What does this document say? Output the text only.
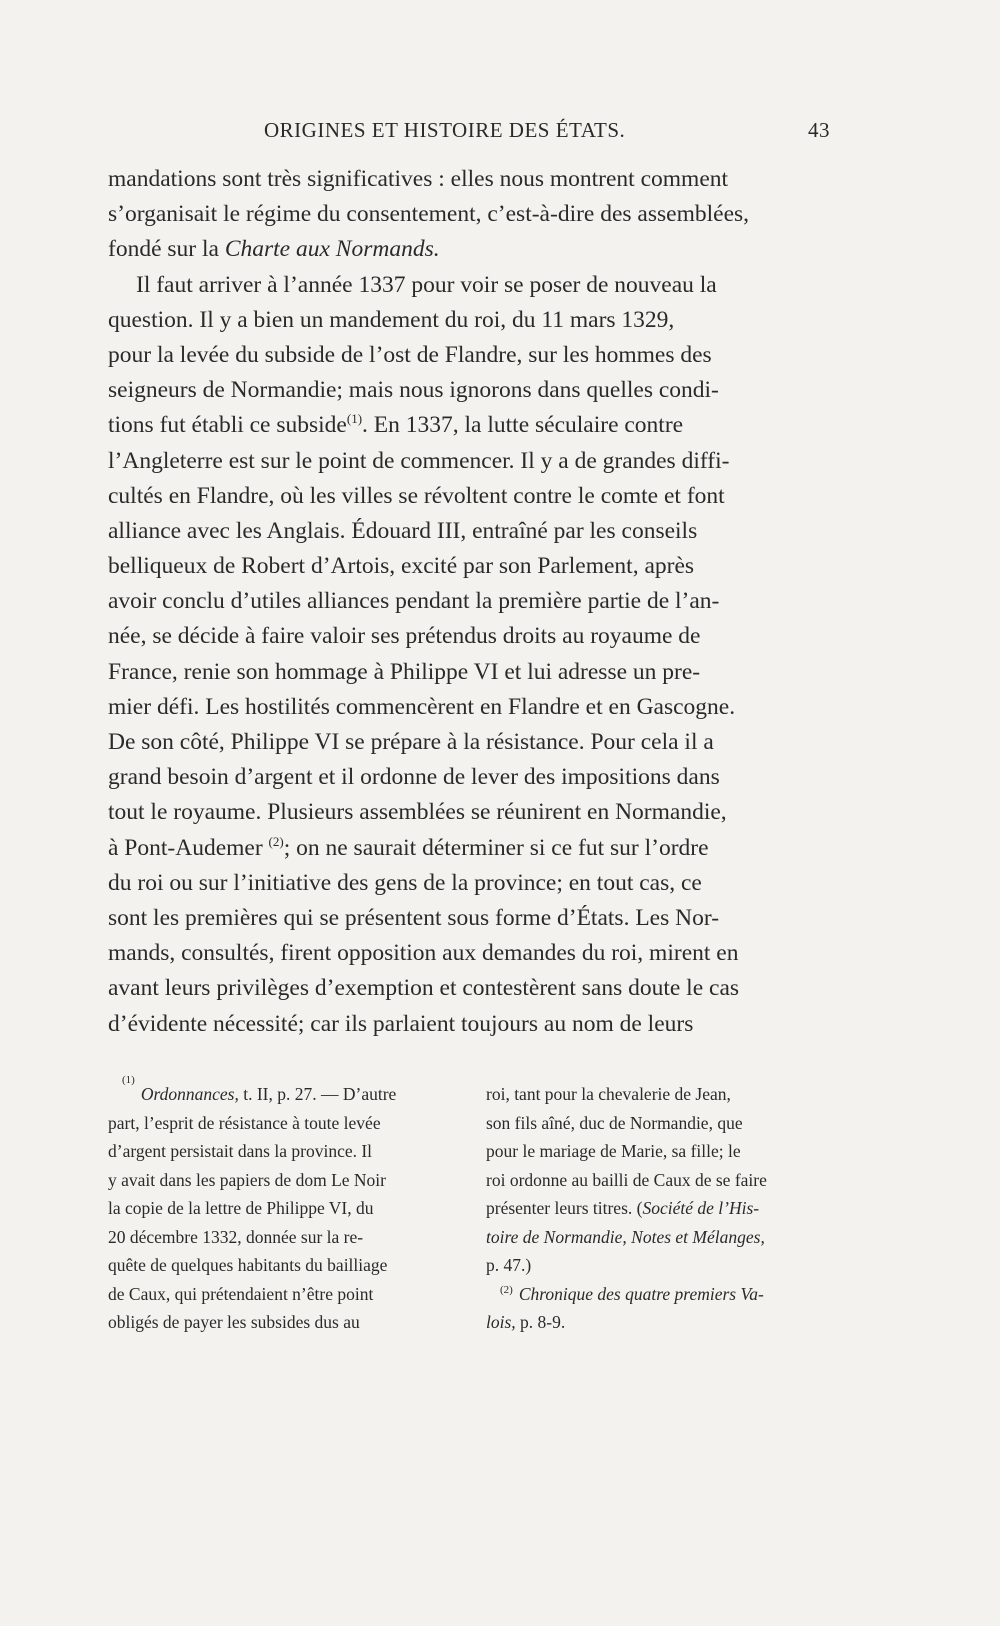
ORIGINES ET HISTOIRE DES ÉTATS.	43
mandations sont très significatives : elles nous montrent comment
s’organisait le régime du consentement, c’est-à-dire des assemblées,
fondé sur la
Charte aux Normands.
Il faut arriver à l’année 1337 pour voir se poser de nouveau la
question. Il y a bien un mandement du roi, du 11 mars 1329,
pour la levée du subside de l’ost de Flandre, sur les hommes des
seigneurs de Normandie; mais nous ignorons dans quelles condi-
tions fut établi ce subside$^{(1)}$. En 1337, la lutte séculaire contre
l’Angleterre est sur le point de commencer. Il y a de grandes diffi-
cultés en Flandre, où les villes se révoltent contre le comte et font
alliance avec les Anglais. Édouard III, entraîné par les conseils
belliqueux de Robert d’Artois, excité par son Parlement, après
avoir conclu d’utiles alliances pendant la première partie de l’an-
née, se décide à faire valoir ses prétendus droits au royaume de
France, renie son hommage à Philippe VI et lui adresse un pre-
mier défi. Les hostilités commencèrent en Flandre et en Gascogne.
De son côté, Philippe VI se prépare à la résistance. Pour cela il a
grand besoin d’argent et il ordonne de lever des impositions dans
tout le royaume. Plusieurs assemblées se réunirent en Normandie,
à Pont-Audemer $^{(2)}$; on ne saurait déterminer si ce fut sur l’ordre
du roi ou sur l’initiative des gens de la province; en tout cas, ce
sont les premières qui se présentent sous forme d’États. Les Nor-
mands, consultés, firent opposition aux demandes du roi, mirent en
avant leurs privilèges d’exemption et contestèrent sans doute le cas
d’évidente nécessité; car ils parlaient toujours au nom de leurs
(1)
Ordonnances,
t. II, p. 27. — D’autre
part, l’esprit de résistance à toute levée
d’argent persistait dans la province. Il
y avait dans les papiers de dom Le Noir
la copie de la lettre de Philippe VI, du
20 décembre 1332, donnée sur la re-
quête de quelques habitants du bailliage
de Caux, qui prétendaient n’être point
obligés de payer les subsides dus au
roi, tant pour la chevalerie de Jean,
son fils aîné, duc de Normandie, que
pour le mariage de Marie, sa fille; le
roi ordonne au bailli de Caux de se faire
présenter leurs titres. (Société de l’His-
toire de Normandie, Notes et Mélanges,
p. 47.)
$^{(2)}$ Chronique des quatre premiers Va-
lois,
p. 8-9.
